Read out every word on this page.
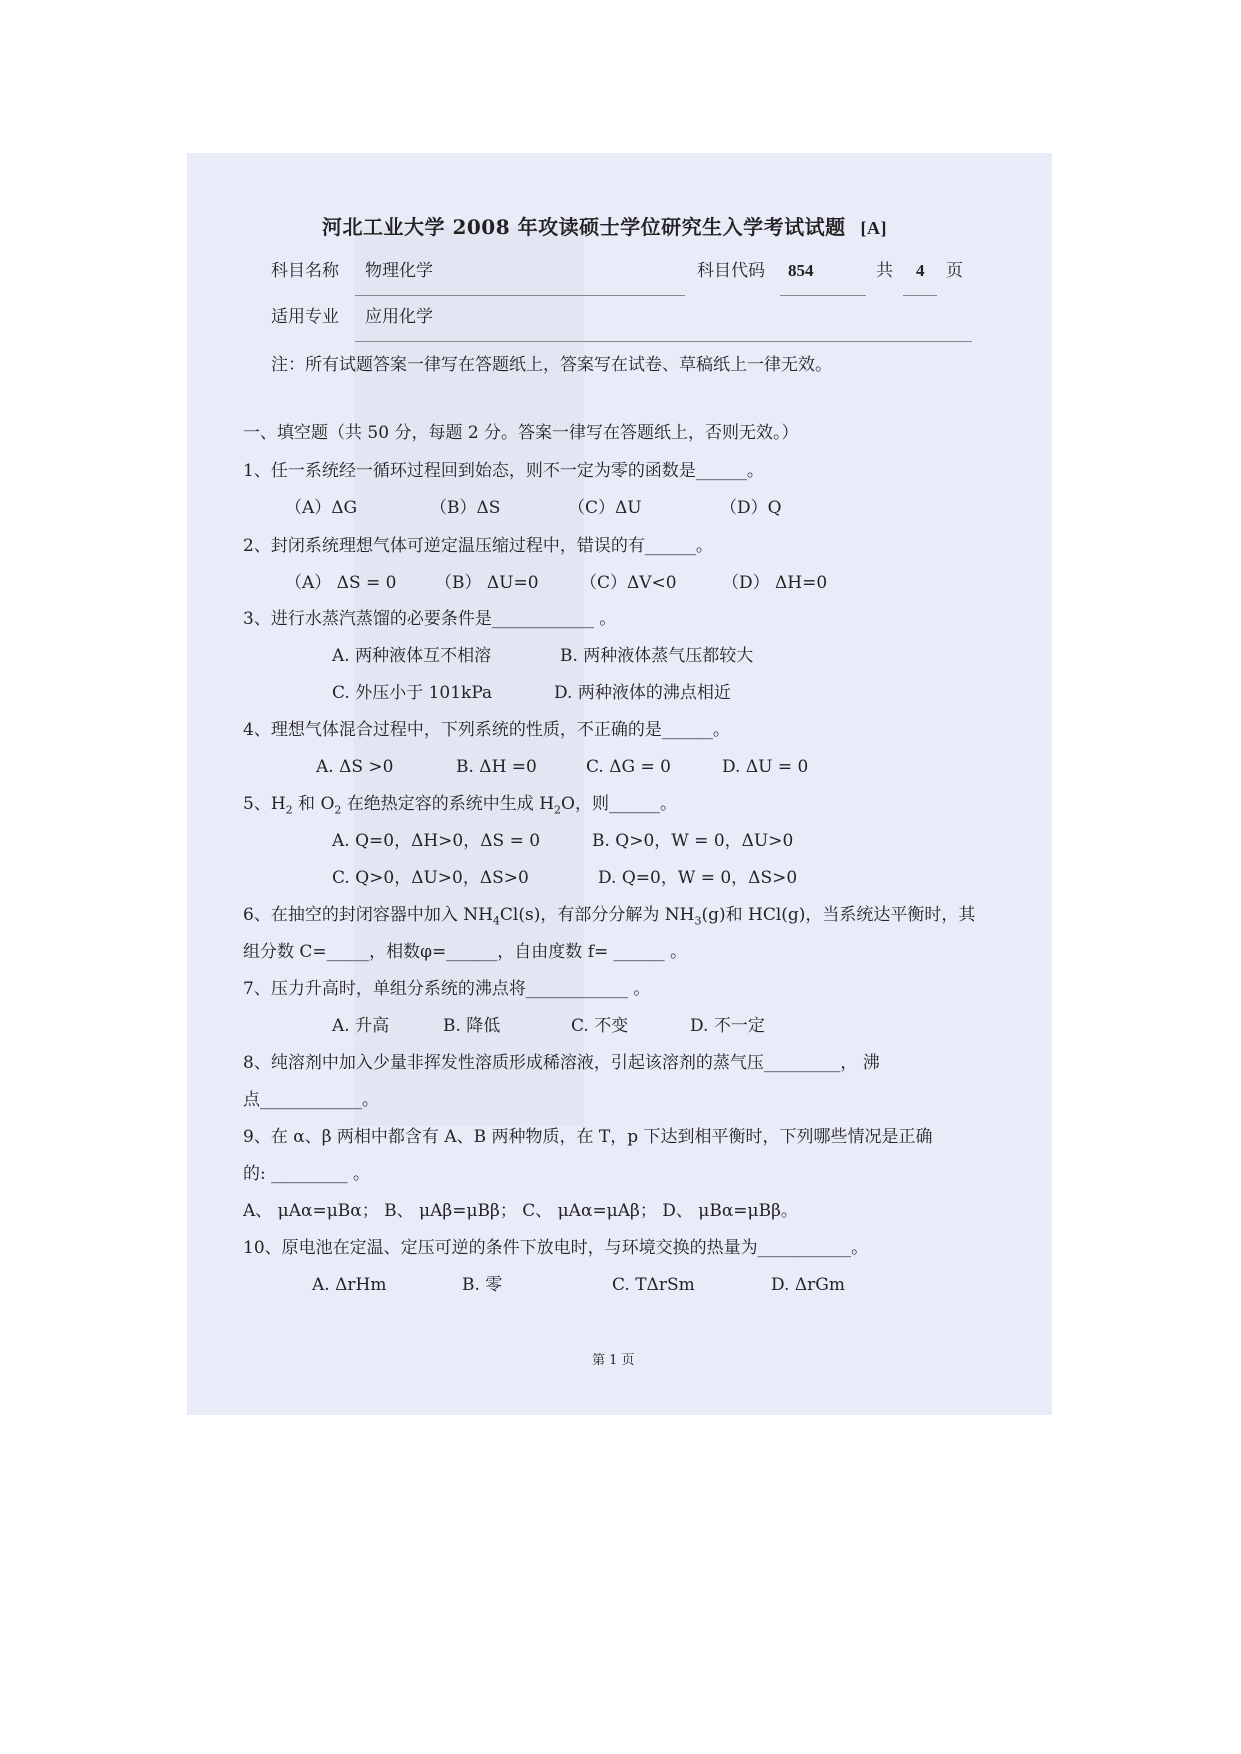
河北工业大学 2008 年攻读硕士学位研究生入学考试试题 [A]
科目名称 物理化学	科目代码 854	共 4 页
适用专业 应用化学
注：所有试题答案一律写在答题纸上，答案写在试卷、草稿纸上一律无效。
一、填空题（共 50 分，每题 2 分。答案一律写在答题纸上，否则无效。）
1、任一系统经一循环过程回到始态，则不一定为零的函数是______。
（A）ΔG	（B）ΔS	（C）ΔU	（D）Q
2、封闭系统理想气体可逆定温压缩过程中，错误的有______。
（A） ΔS = 0 （B） ΔU=0 （C）ΔV<0	（D） ΔH=0
3、进行水蒸汽蒸馏的必要条件是____________ 。
A. 两种液体互不相溶	B. 两种液体蒸气压都较大
C. 外压小于 101kPa	D. 两种液体的沸点相近
4、理想气体混合过程中，下列系统的性质，不正确的是______。
A. ΔS >0	B. ΔH =0	C. ΔG = 0	D. ΔU = 0
5、$H_2$ 和 $O_2$ 在绝热定容的系统中生成 $H_2O$，则______。
A. Q=0，ΔH>0，ΔS = 0	B. Q>0，W = 0，ΔU>0
C. Q>0，ΔU>0，ΔS>0	D. Q=0，W = 0，ΔS>0
6、在抽空的封闭容器中加入 $NH_4Cl(s)$，有部分分解为 $NH_3(g)$和 HCl(g)，当系统达平衡时，其
组分数 C=_____，相数φ=______，自由度数 f= ______ 。
7、压力升高时，单组分系统的沸点将____________ 。
A. 升高	B. 降低	C. 不变	D. 不一定
8、纯溶剂中加入少量非挥发性溶质形成稀溶液，引起该溶剂的蒸气压_________， 沸
点____________。
9、在 α、β 两相中都含有 A、B 两种物质，在 T，p 下达到相平衡时，下列哪些情况是正确
的: _________ 。
A、 μAα=μBα； B、 μAβ=μBβ； C、 μAα=μAβ； D、 μBα=μBβ。
10、原电池在定温、定压可逆的条件下放电时，与环境交换的热量为___________。
A. ΔrHm	B. 零	C. TΔrSm	D. ΔrGm
第 1 页
